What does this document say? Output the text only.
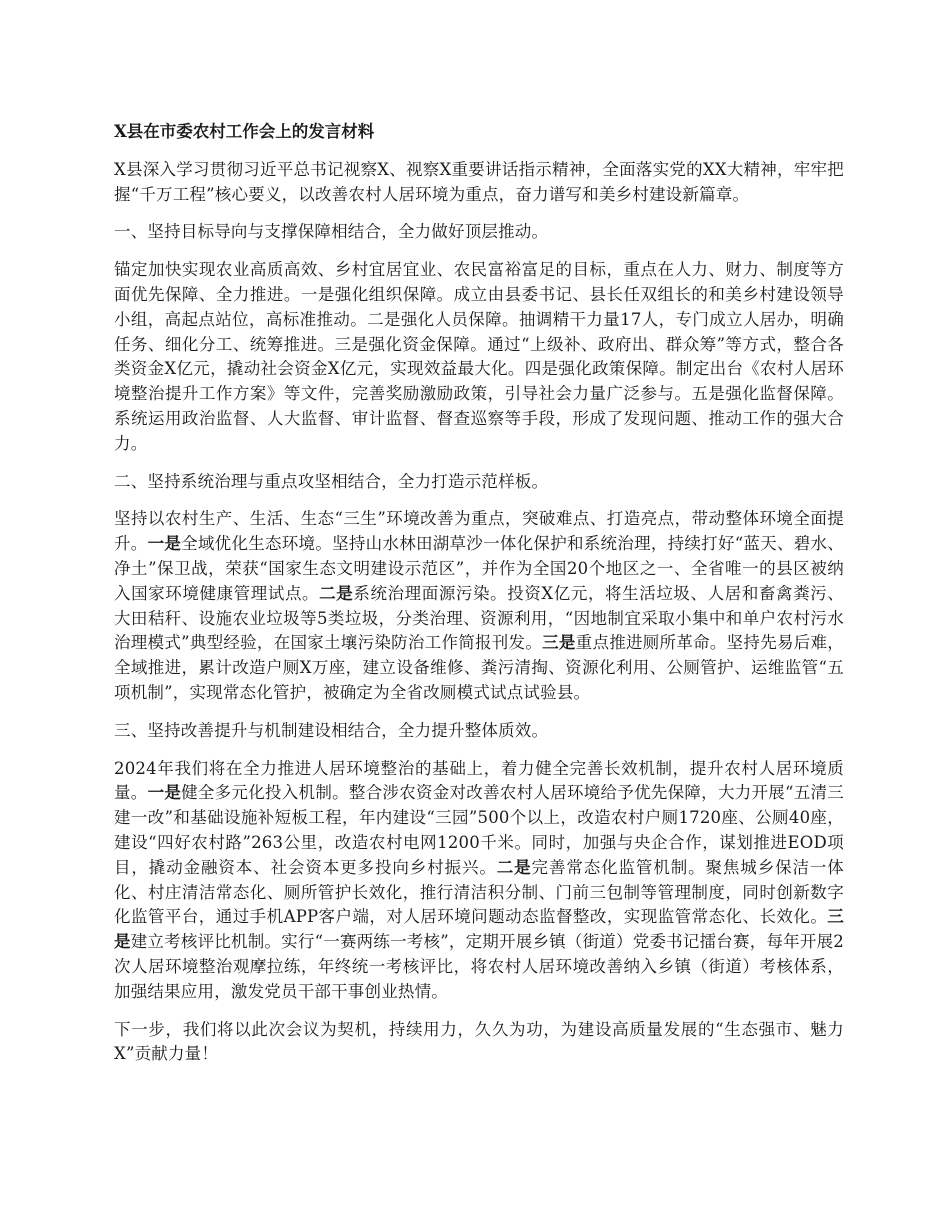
X县在市委农村工作会上的发言材料
X县深入学习贯彻习近平总书记视察X、视察X重要讲话指示精神，全面落实党的XX大精神，牢牢把握“千万工程”核心要义，以改善农村人居环境为重点，奋力谱写和美乡村建设新篇章。
一、坚持目标导向与支撑保障相结合，全力做好顶层推动。
锚定加快实现农业高质高效、乡村宜居宜业、农民富裕富足的目标，重点在人力、财力、制度等方面优先保障、全力推进。一是强化组织保障。成立由县委书记、县长任双组长的和美乡村建设领导小组，高起点站位，高标准推动。二是强化人员保障。抽调精干力量17人，专门成立人居办，明确任务、细化分工、统筹推进。三是强化资金保障。通过“上级补、政府出、群众筹”等方式，整合各类资金X亿元，撬动社会资金X亿元，实现效益最大化。四是强化政策保障。制定出台《农村人居环境整治提升工作方案》等文件，完善奖励激励政策，引导社会力量广泛参与。五是强化监督保障。系统运用政治监督、人大监督、审计监督、督查巡察等手段，形成了发现问题、推动工作的强大合力。
二、坚持系统治理与重点攻坚相结合，全力打造示范样板。
坚持以农村生产、生活、生态“三生”环境改善为重点，突破难点、打造亮点，带动整体环境全面提升。一是全域优化生态环境。坚持山水林田湖草沙一体化保护和系统治理，持续打好“蓝天、碧水、净土”保卫战，荣获“国家生态文明建设示范区”，并作为全国20个地区之一、全省唯一的县区被纳入国家环境健康管理试点。二是系统治理面源污染。投资X亿元，将生活垃圾、人居和畜禽粪污、大田秸秆、设施农业垃圾等5类垃圾，分类治理、资源利用，“因地制宜采取小集中和单户农村污水治理模式”典型经验，在国家土壤污染防治工作简报刊发。三是重点推进厕所革命。坚持先易后难，全域推进，累计改造户厕X万座，建立设备维修、粪污清掏、资源化利用、公厕管护、运维监管“五项机制”，实现常态化管护，被确定为全省改厕模式试点试验县。
三、坚持改善提升与机制建设相结合，全力提升整体质效。
2024年我们将在全力推进人居环境整治的基础上，着力健全完善长效机制，提升农村人居环境质量。一是健全多元化投入机制。整合涉农资金对改善农村人居环境给予优先保障，大力开展“五清三建一改”和基础设施补短板工程，年内建设“三园”500个以上，改造农村户厕1720座、公厕40座，建设“四好农村路”263公里，改造农村电网1200千米。同时，加强与央企合作，谋划推进EOD项目，撬动金融资本、社会资本更多投向乡村振兴。二是完善常态化监管机制。聚焦城乡保洁一体化、村庄清洁常态化、厕所管护长效化，推行清洁积分制、门前三包制等管理制度，同时创新数字化监管平台，通过手机APP客户端，对人居环境问题动态监督整改，实现监管常态化、长效化。三是建立考核评比机制。实行“一赛两练一考核”，定期开展乡镇（街道）党委书记擂台赛，每年开展2次人居环境整治观摩拉练，年终统一考核评比，将农村人居环境改善纳入乡镇（街道）考核体系，加强结果应用，激发党员干部干事创业热情。
下一步，我们将以此次会议为契机，持续用力，久久为功，为建设高质量发展的“生态强市、魅力X”贡献力量！
